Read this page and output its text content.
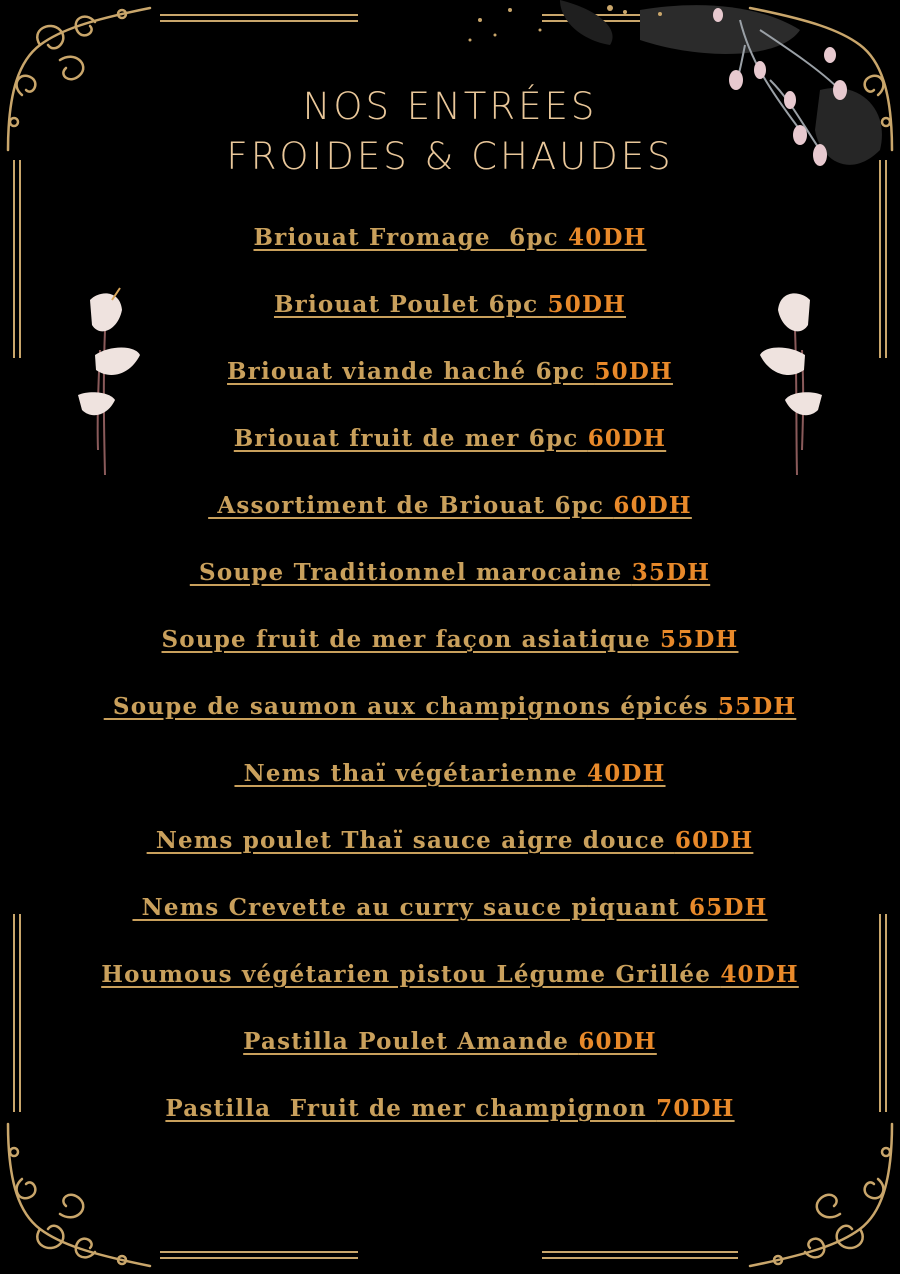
NOS ENTRÉES
FROIDES & CHAUDES
Briouat Fromage  6pc 40DH
Briouat Poulet 6pc 50DH
Briouat viande haché 6pc 50DH
Briouat fruit de mer 6pc 60DH
Assortiment de Briouat 6pc 60DH
Soupe Traditionnel marocaine 35DH
Soupe fruit de mer façon asiatique 55DH
Soupe de saumon aux champignons épicés 55DH
Nems thaï végétarienne 40DH
Nems poulet Thaï sauce aigre douce 60DH
Nems Crevette au curry sauce piquant 65DH
Houmous végétarien pistou Légume Grillée 40DH
Pastilla Poulet Amande 60DH
Pastilla  Fruit de mer champignon 70DH
